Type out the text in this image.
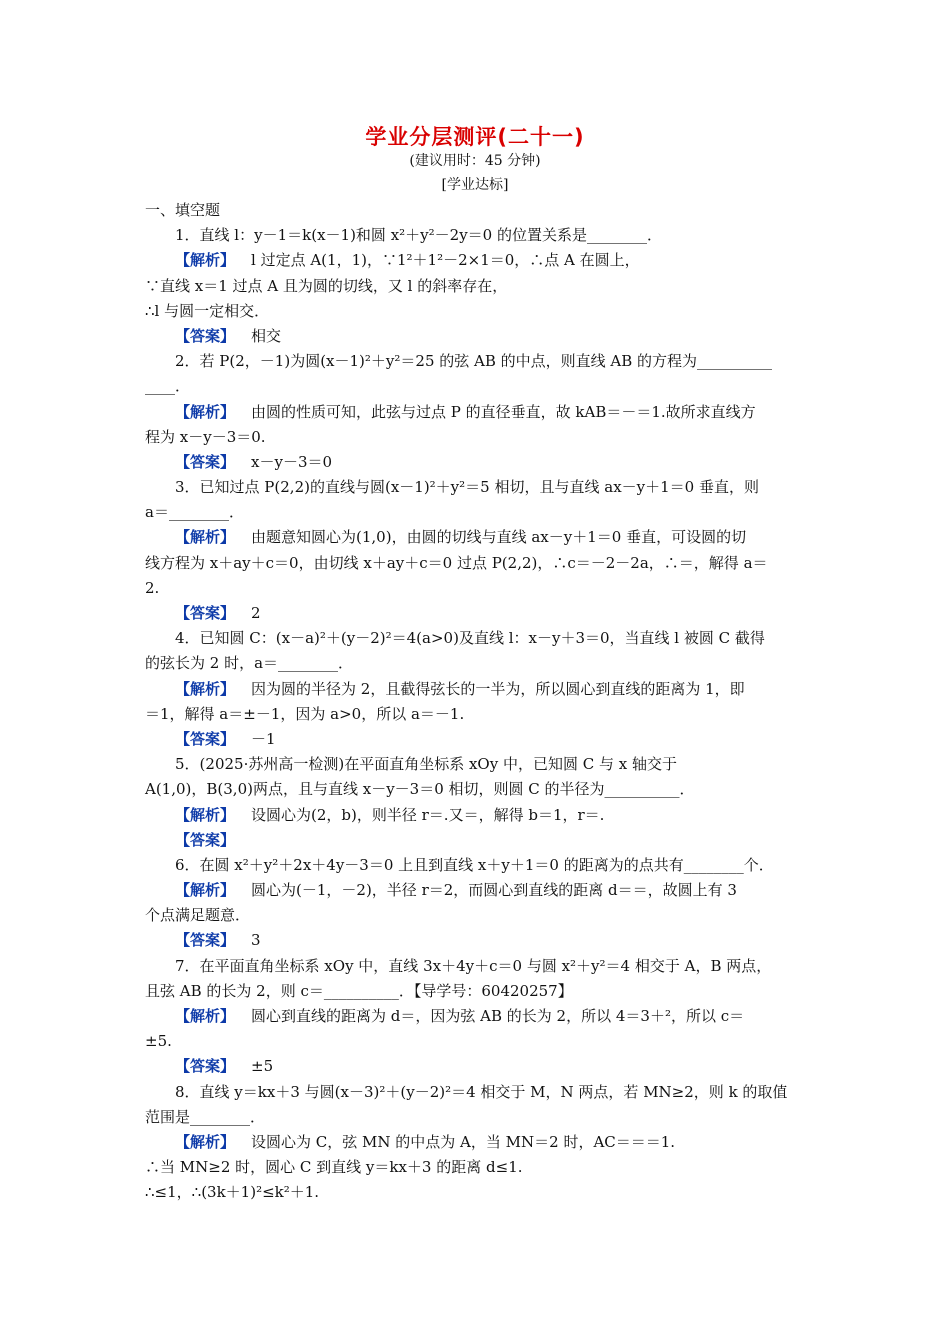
学业分层测评(二十一)
(建议用时：45 分钟)
[学业达标]
一、填空题
1．直线 l：y－1＝k(x－1)和圆 x²＋y²－2y＝0 的位置关系是________．
【解析】 l 过定点 A(1，1)，∵1²＋1²－2×1＝0，∴点 A 在圆上，
∵直线 x＝1 过点 A 且为圆的切线，又 l 的斜率存在，
∴l 与圆一定相交．
【答案】 相交
2．若 P(2，－1)为圆(x－1)²＋y²＝25 的弦 AB 的中点，则直线 AB 的方程为__________
____．
【解析】 由圆的性质可知，此弦与过点 P 的直径垂直，故 kAB＝－＝1.故所求直线方
程为 x－y－3＝0.
【答案】 x－y－3＝0
3．已知过点 P(2,2)的直线与圆(x－1)²＋y²＝5 相切，且与直线 ax－y＋1＝0 垂直，则
a＝________．
【解析】 由题意知圆心为(1,0)，由圆的切线与直线 ax－y＋1＝0 垂直，可设圆的切
线方程为 x＋ay＋c＝0，由切线 x＋ay＋c＝0 过点 P(2,2)，∴c＝－2－2a，∴＝，解得 a＝
2.
【答案】 2
4．已知圆 C：(x－a)²＋(y－2)²＝4(a>0)及直线 l：x－y＋3＝0，当直线 l 被圆 C 截得
的弦长为 2 时，a＝________．
【解析】 因为圆的半径为 2，且截得弦长的一半为，所以圆心到直线的距离为 1，即
＝1，解得 a＝±－1，因为 a>0，所以 a＝－1.
【答案】 －1
5．(2025·苏州高一检测)在平面直角坐标系 xOy 中，已知圆 C 与 x 轴交于
A(1,0)，B(3,0)两点，且与直线 x－y－3＝0 相切，则圆 C 的半径为__________．
【解析】 设圆心为(2，b)，则半径 r＝.又＝，解得 b＝1，r＝.
【答案】
6．在圆 x²＋y²＋2x＋4y－3＝0 上且到直线 x＋y＋1＝0 的距离为的点共有________个．
【解析】 圆心为(－1，－2)，半径 r＝2，而圆心到直线的距离 d＝＝，故圆上有 3
个点满足题意．
【答案】 3
7．在平面直角坐标系 xOy 中，直线 3x＋4y＋c＝0 与圆 x²＋y²＝4 相交于 A，B 两点，
且弦 AB 的长为 2，则 c＝__________．【导学号：60420257】
【解析】 圆心到直线的距离为 d＝，因为弦 AB 的长为 2，所以 4＝3＋²，所以 c＝
±5.
【答案】 ±5
8．直线 y＝kx＋3 与圆(x－3)²＋(y－2)²＝4 相交于 M，N 两点，若 MN≥2，则 k 的取值
范围是________．
【解析】 设圆心为 C，弦 MN 的中点为 A，当 MN＝2 时，AC＝＝＝1.
∴当 MN≥2 时，圆心 C 到直线 y＝kx＋3 的距离 d≤1.
∴≤1，∴(3k＋1)²≤k²＋1.
